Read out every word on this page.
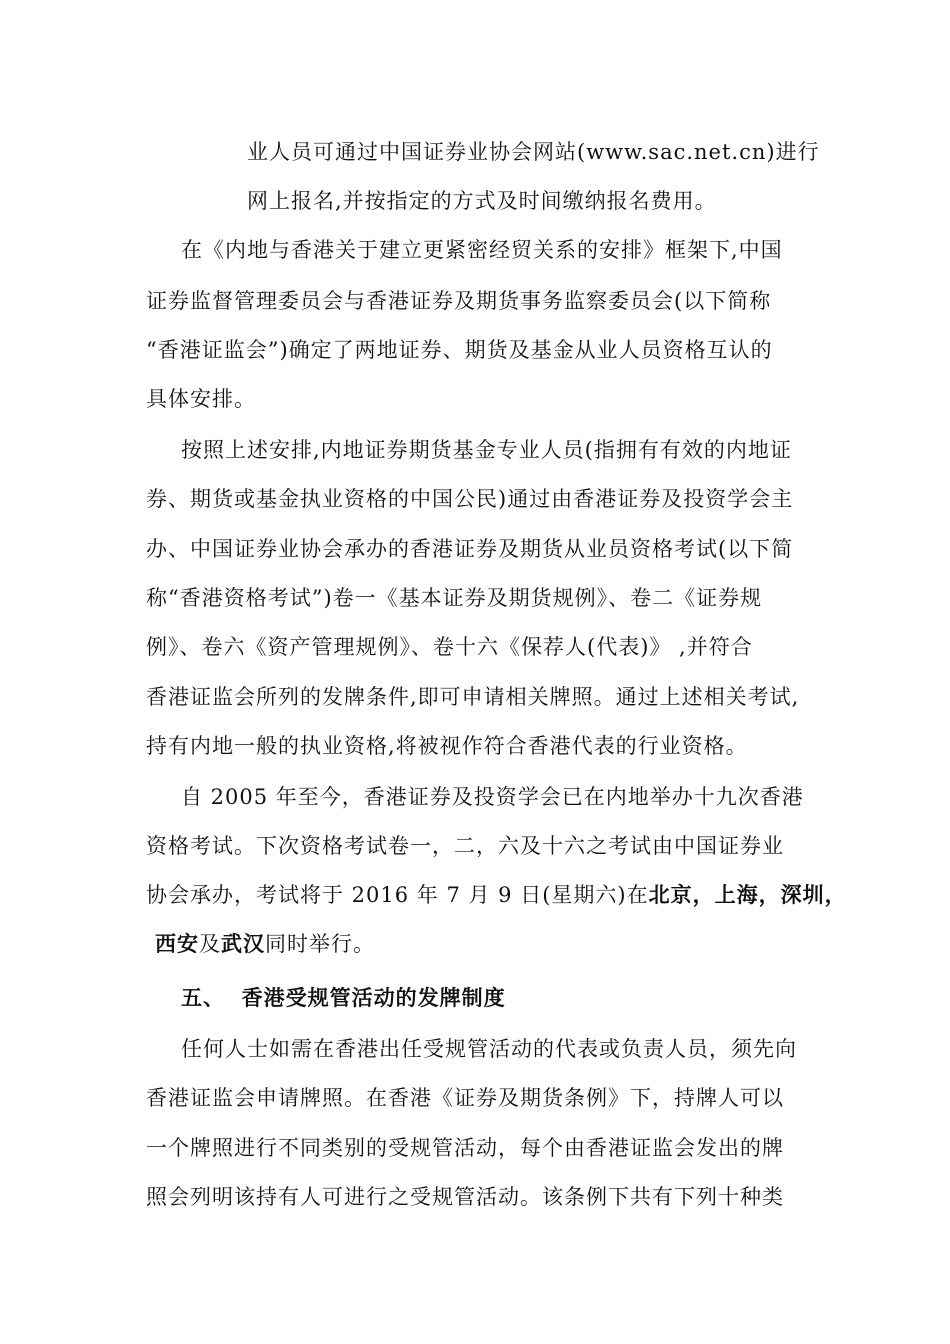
业人员可通过中国证券业协会网站(www.sac.net.cn)进行
网上报名,并按指定的方式及时间缴纳报名费用。
在《内地与香港关于建立更紧密经贸关系的安排》框架下,中国
证券监督管理委员会与香港证券及期货事务监察委员会(以下简称
“香港证监会”)确定了两地证券、期货及基金从业人员资格互认的
具体安排。
按照上述安排,内地证券期货基金专业人员(指拥有有效的内地证
券、期货或基金执业资格的中国公民)通过由香港证券及投资学会主
办、中国证券业协会承办的香港证券及期货从业员资格考试(以下简
称“香港资格考试”)卷一《基本证券及期货规例》、卷二《证券规
例》、卷六《资产管理规例》、卷十六《保荐人(代表)》 ,并符合
香港证监会所列的发牌条件,即可申请相关牌照。通过上述相关考试,
持有内地一般的执业资格,将被视作符合香港代表的行业资格。
自 2005 年至今，香港证券及投资学会已在内地举办十九次香港
资格考试。下次资格考试卷一，二，六及十六之考试由中国证券业
协会承办，考试将于 2016 年 7 月 9 日(星期六)在北京，上海，深圳，
西安及武汉同时举行。
五、  香港受规管活动的发牌制度
任何人士如需在香港出任受规管活动的代表或负责人员，须先向
香港证监会申请牌照。在香港《证券及期货条例》下，持牌人可以
一个牌照进行不同类别的受规管活动，每个由香港证监会发出的牌
照会列明该持有人可进行之受规管活动。该条例下共有下列十种类
